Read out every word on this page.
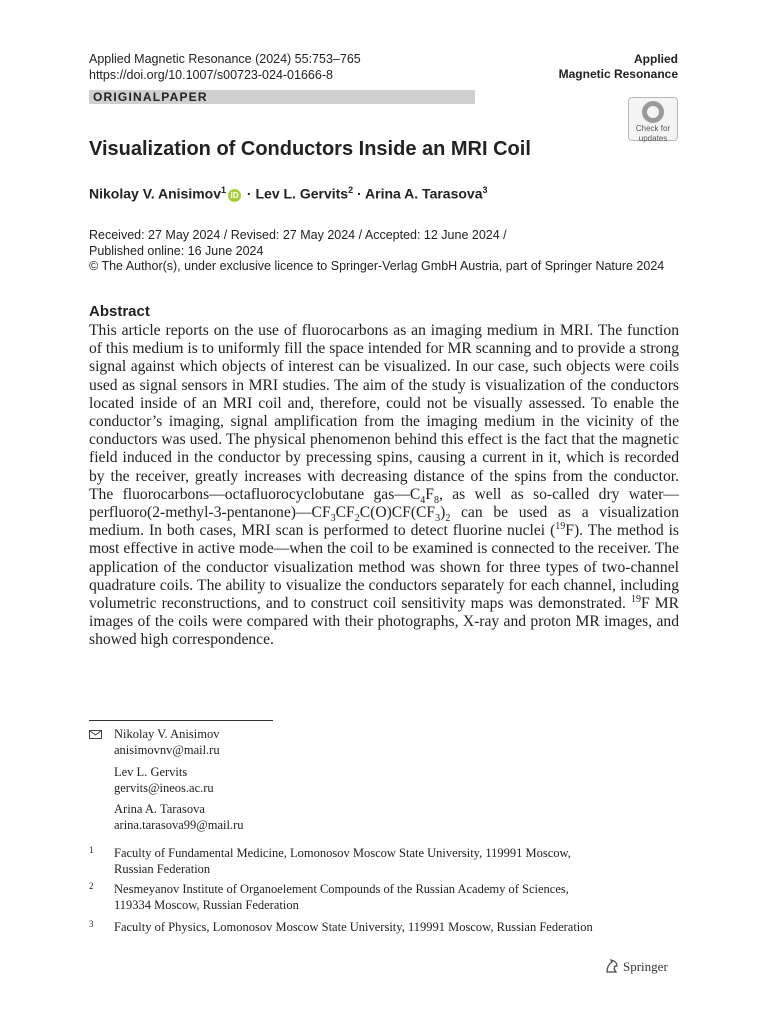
Applied Magnetic Resonance (2024) 55:753–765
https://doi.org/10.1007/s00723-024-01666-8
Applied
Magnetic Resonance
ORIGINALPAPER
Check for
updates
Visualization of Conductors Inside an MRI Coil
Nikolay V. Anisimov$^1$iD · Lev L. Gervits$^2$ · Arina A. Tarasova$^3$
Received: 27 May 2024 / Revised: 27 May 2024 / Accepted: 12 June 2024 /
Published online: 16 June 2024
© The Author(s), under exclusive licence to Springer-Verlag GmbH Austria, part of Springer Nature 2024
Abstract
This article reports on the use of fluorocarbons as an imaging medium in MRI. The function of this medium is to uniformly fill the space intended for MR scanning and to provide a strong signal against which objects of interest can be visualized. In our case, such objects were coils used as signal sensors in MRI studies. The aim of the study is visualization of the conductors located inside of an MRI coil and, therefore, could not be visually assessed. To enable the conductor’s imaging, signal amplification from the imaging medium in the vicinity of the conductors was used. The physical phenomenon behind this effect is the fact that the magnetic field induced in the conductor by precessing spins, causing a current in it, which is recorded by the receiver, greatly increases with decreasing distance of the spins from the conductor. The fluorocarbons—octafluorocyclobutane $gas—C_4F_8$, as well as so-called dry $water—perfluoro(2-methyl-3-pentanone)—CF_3CF_2C(O)CF(CF_3)_2$ can be used as a visualization medium. In both cases, MRI scan is performed to detect fluorine nuclei ($^{19}$F). The method is most effective in active mode—when the coil to be examined is connected to the receiver. The application of the conductor visualization method was shown for three types of two-channel quadrature coils. The ability to visualize the conductors separately for each channel, including volumetric reconstructions, and to construct coil sensitivity maps was demonstrated. $^{19}$F MR images of the coils were compared with their photographs, X-ray and proton MR images, and showed high correspondence.
Nikolay V. Anisimov
anisimovnv@mail.ru
Lev L. Gervits
gervits@ineos.ac.ru
Arina A. Tarasova
arina.tarasova99@mail.ru
1 Faculty of Fundamental Medicine, Lomonosov Moscow State University, 119991 Moscow,
Russian Federation
2 Nesmeyanov Institute of Organoelement Compounds of the Russian Academy of Sciences,
119334 Moscow, Russian Federation
3 Faculty of Physics, Lomonosov Moscow State University, 119991 Moscow, Russian Federation
Springer
